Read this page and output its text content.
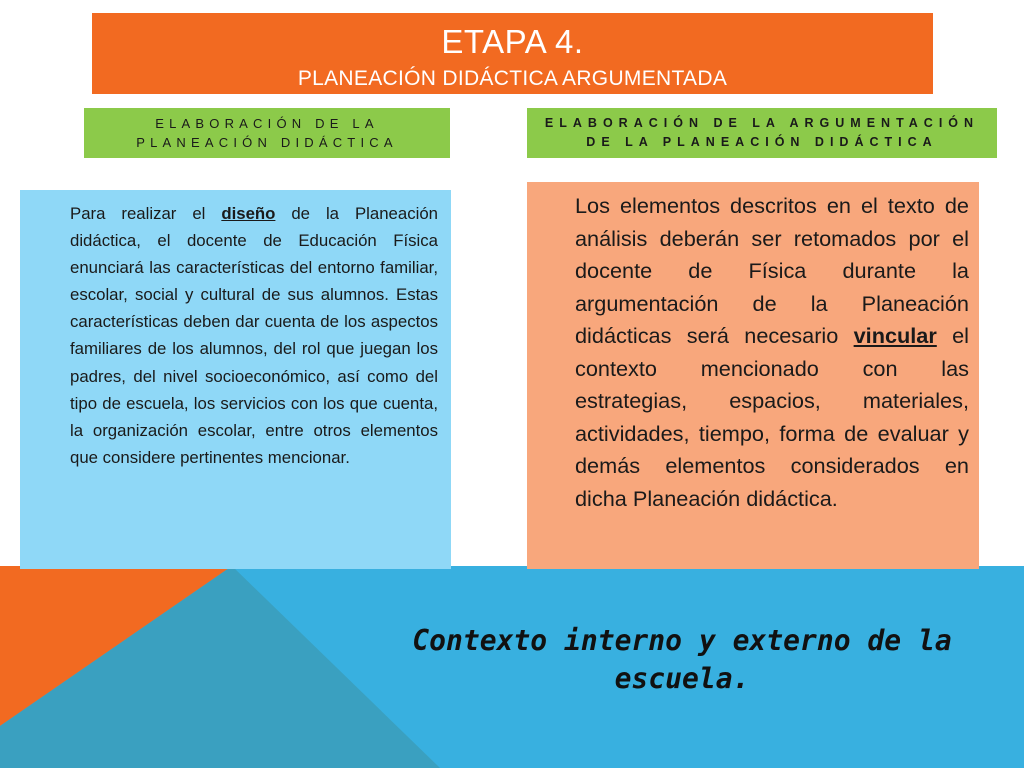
ETAPA 4.
PLANEACIÓN DIDÁCTICA ARGUMENTADA
ELABORACIÓN DE LA
PLANEACIÓN DIDÁCTICA
ELABORACIÓN DE LA ARGUMENTACIÓN
DE LA PLANEACIÓN DIDÁCTICA
Para realizar el diseño de la Planeación didáctica, el docente de Educación Física enunciará las características del entorno familiar, escolar, social y cultural de sus alumnos. Estas características deben dar cuenta de los aspectos familiares de los alumnos, del rol que juegan los padres, del nivel socioeconómico, así como del tipo de escuela, los servicios con los que cuenta, la organización escolar, entre otros elementos que considere pertinentes mencionar.
Los elementos descritos en el texto de análisis deberán ser retomados por el docente de Física durante la argumentación de la Planeación didácticas será necesario vincular el contexto mencionado con las estrategias, espacios, materiales, actividades, tiempo, forma de evaluar y demás elementos considerados en dicha Planeación didáctica.
Contexto interno y externo de la escuela.
